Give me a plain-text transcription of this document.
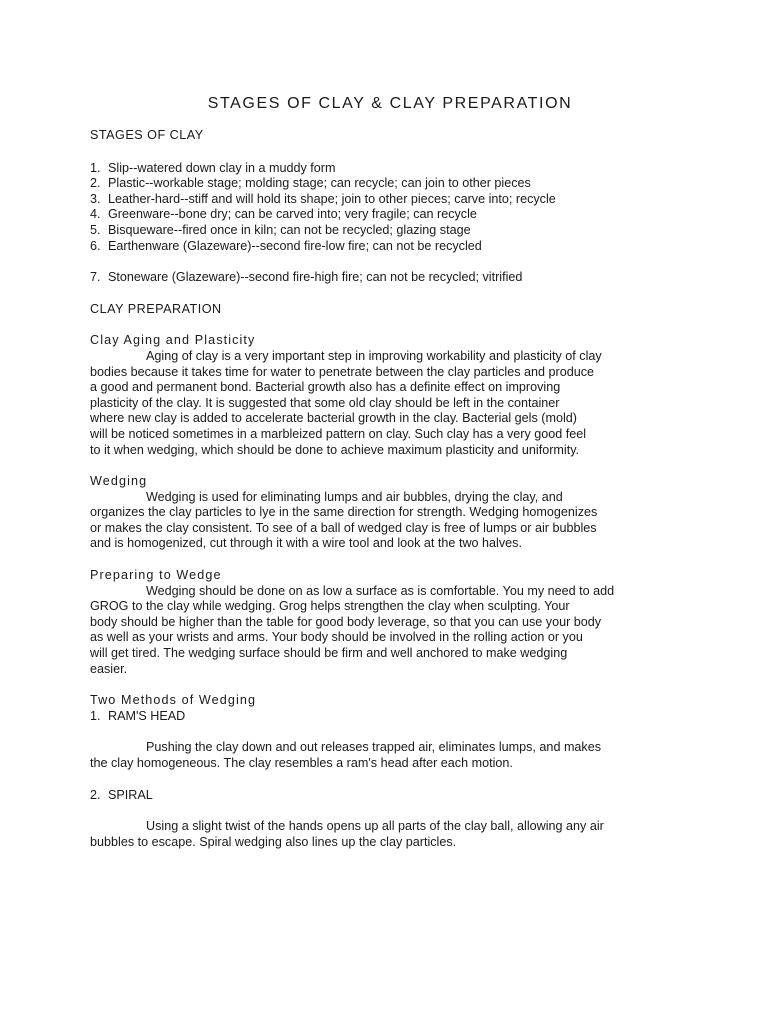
STAGES OF CLAY & CLAY PREPARATION
STAGES OF CLAY
1. Slip--watered down clay in a muddy form
2. Plastic--workable stage; molding stage; can recycle; can join to other pieces
3. Leather-hard--stiff and will hold its shape; join to other pieces; carve into; recycle
4. Greenware--bone dry; can be carved into; very fragile; can recycle
5. Bisqueware--fired once in kiln; can not be recycled; glazing stage
6. Earthenware (Glazeware)--second fire-low fire; can not be recycled
7. Stoneware (Glazeware)--second fire-high fire; can not be recycled; vitrified
CLAY PREPARATION
Clay Aging and Plasticity
Aging of clay is a very important step in improving workability and plasticity of clay
bodies because it takes time for water to penetrate between the clay particles and produce
a good and permanent bond. Bacterial growth also has a definite effect on improving
plasticity of the clay. It is suggested that some old clay should be left in the container
where new clay is added to accelerate bacterial growth in the clay. Bacterial gels (mold)
will be noticed sometimes in a marbleized pattern on clay. Such clay has a very good feel
to it when wedging, which should be done to achieve maximum plasticity and uniformity.
Wedging
Wedging is used for eliminating lumps and air bubbles, drying the clay, and
organizes the clay particles to lye in the same direction for strength. Wedging homogenizes
or makes the clay consistent. To see of a ball of wedged clay is free of lumps or air bubbles
and is homogenized, cut through it with a wire tool and look at the two halves.
Preparing to Wedge
Wedging should be done on as low a surface as is comfortable. You my need to add
GROG to the clay while wedging. Grog helps strengthen the clay when sculpting. Your
body should be higher than the table for good body leverage, so that you can use your body
as well as your wrists and arms. Your body should be involved in the rolling action or you
will get tired. The wedging surface should be firm and well anchored to make wedging
easier.
Two Methods of Wedging
1. RAM'S HEAD
Pushing the clay down and out releases trapped air, eliminates lumps, and makes
the clay homogeneous. The clay resembles a ram's head after each motion.
2. SPIRAL
Using a slight twist of the hands opens up all parts of the clay ball, allowing any air
bubbles to escape. Spiral wedging also lines up the clay particles.
